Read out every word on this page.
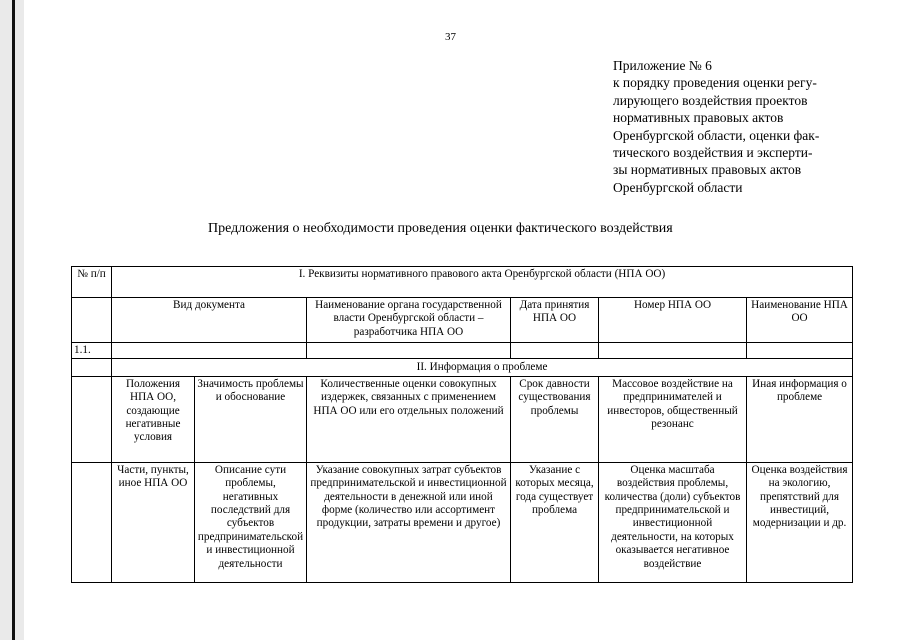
37
Приложение № 6
к порядку проведения оценки регу-
лирующего воздействия проектов
нормативных правовых актов
Оренбургской области, оценки фак-
тического воздействия и эксперти-
зы нормативных правовых актов
Оренбургской области
Предложения о необходимости проведения оценки фактического воздействия
№ п/п	I. Реквизиты нормативного правового акта Оренбургской области (НПА ОО)					
	Вид документа		Наименование органа государственной власти Оренбургской области – разработчика НПА ОО	Дата принятия НПА ОО	Номер НПА ОО	Наименование НПА ОО
1.1.						
	II. Информация о проблеме					
	Положения НПА ОО, создающие негативные условия	Значимость проблемы и обоснование	Количественные оценки совокупных издержек, связанных с применением НПА ОО или его отдельных положений	Срок давности существования проблемы	Массовое воздействие на предпринимателей и инвесторов, общественный резонанс	Иная информация о проблеме
	Части, пункты, иное НПА ОО	Описание сути проблемы, негативных последствий для субъектов предпринимательской и инвестиционной деятельности	Указание совокупных затрат субъектов предпринимательской и инвестиционной деятельности в денежной или иной форме (количество или ассортимент продукции, затраты времени и другое)	Указание с которых месяца, года существует проблема	Оценка масштаба воздействия проблемы, количества (доли) субъектов предпринимательской и инвестиционной деятельности, на которых оказывается негативное воздействие	Оценка воздействия на экологию, препятствий для инвестиций, модернизации и др.
